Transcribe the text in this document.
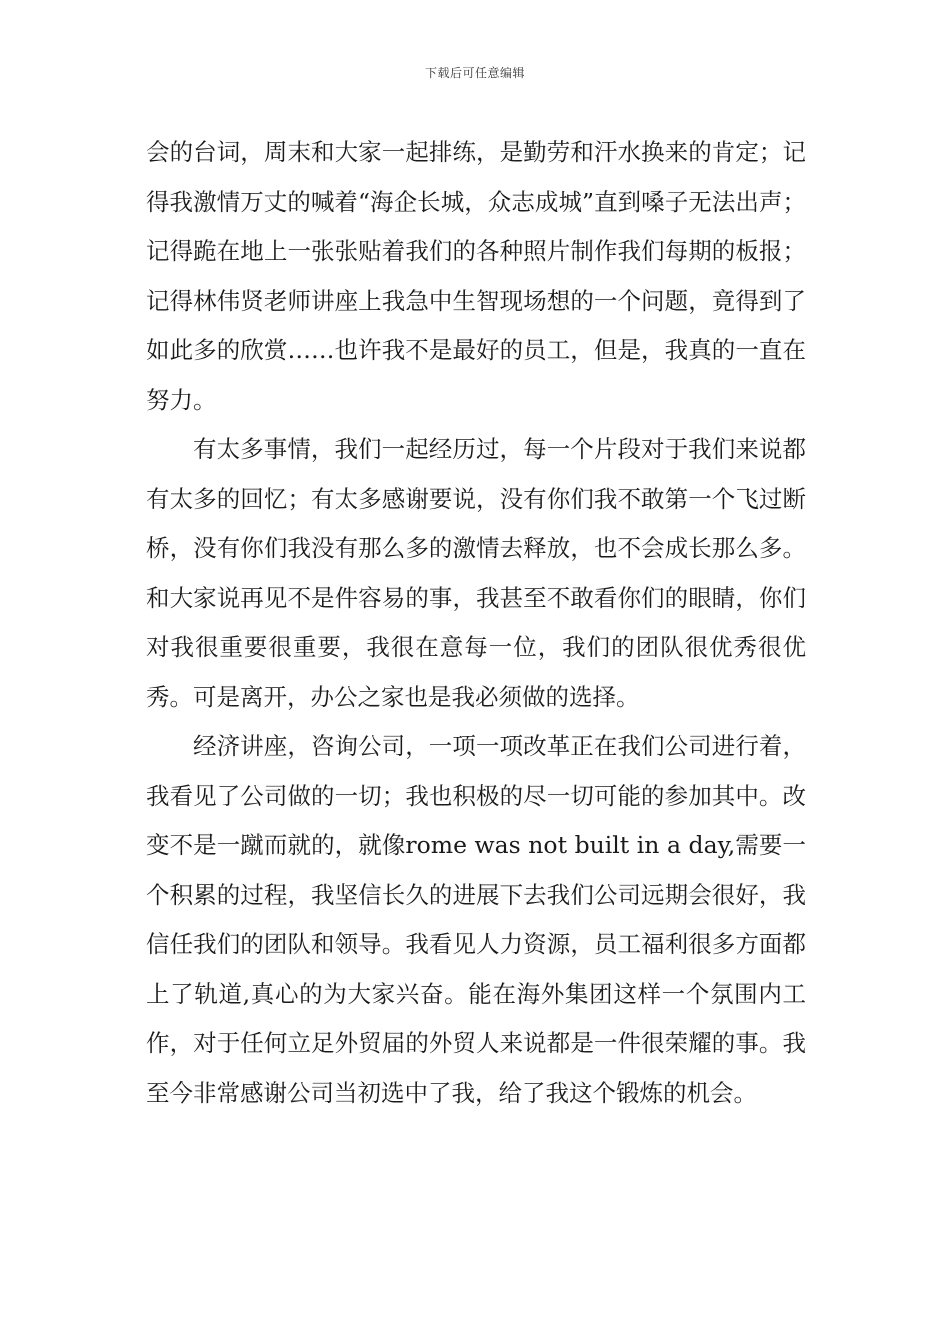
下载后可任意编辑

会的台词，周末和大家一起排练，是勤劳和汗水换来的肯定；记得我激情万丈的喊着“海企长城，众志成城”直到嗓子无法出声；记得跪在地上一张张贴着我们的各种照片制作我们每期的板报；记得林伟贤老师讲座上我急中生智现场想的一个问题，竟得到了如此多的欣赏……也许我不是最好的员工，但是，我真的一直在努力。

有太多事情，我们一起经历过，每一个片段对于我们来说都有太多的回忆；有太多感谢要说，没有你们我不敢第一个飞过断桥，没有你们我没有那么多的激情去释放，也不会成长那么多。和大家说再见不是件容易的事，我甚至不敢看你们的眼睛，你们对我很重要很重要，我很在意每一位，我们的团队很优秀很优秀。可是离开，办公之家也是我必须做的选择。

经济讲座，咨询公司，一项一项改革正在我们公司进行着，我看见了公司做的一切；我也积极的尽一切可能的参加其中。改变不是一蹴而就的，就像rome was not built in a day,需要一个积累的过程，我坚信长久的进展下去我们公司远期会很好，我信任我们的团队和领导。我看见人力资源，员工福利很多方面都上了轨道,真心的为大家兴奋。能在海外集团这样一个氛围内工作，对于任何立足外贸届的外贸人来说都是一件很荣耀的事。我至今非常感谢公司当初选中了我，给了我这个锻炼的机会。
